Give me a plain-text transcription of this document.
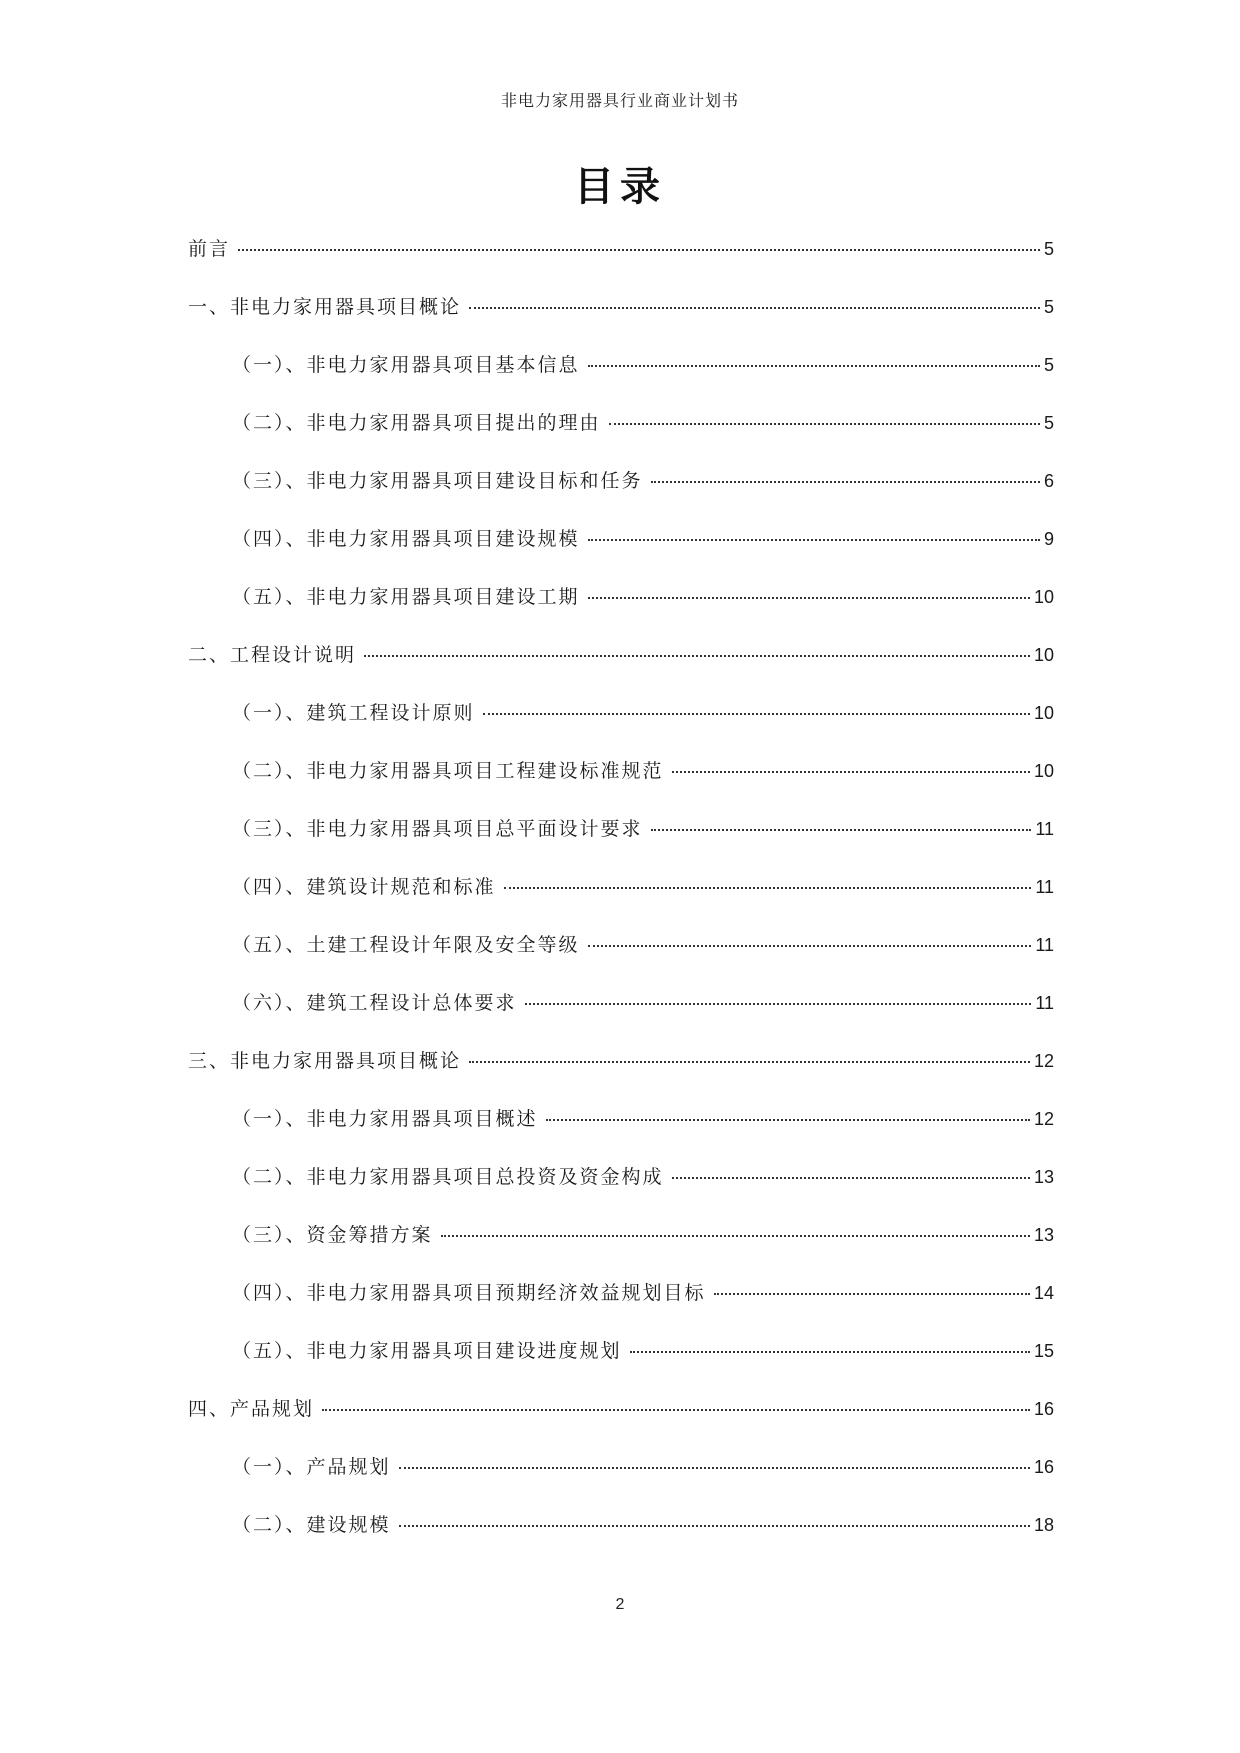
非电力家用器具行业商业计划书
目录
前言	5
一、非电力家用器具项目概论	5
（一）、非电力家用器具项目基本信息	5
（二）、非电力家用器具项目提出的理由	5
（三）、非电力家用器具项目建设目标和任务	6
（四）、非电力家用器具项目建设规模	9
（五）、非电力家用器具项目建设工期	10
二、工程设计说明	10
（一）、建筑工程设计原则	10
（二）、非电力家用器具项目工程建设标准规范	10
（三）、非电力家用器具项目总平面设计要求	11
（四）、建筑设计规范和标准	11
（五）、土建工程设计年限及安全等级	11
（六）、建筑工程设计总体要求	11
三、非电力家用器具项目概论	12
（一）、非电力家用器具项目概述	12
（二）、非电力家用器具项目总投资及资金构成	13
（三）、资金筹措方案	13
（四）、非电力家用器具项目预期经济效益规划目标	14
（五）、非电力家用器具项目建设进度规划	15
四、产品规划	16
（一）、产品规划	16
（二）、建设规模	18
2
